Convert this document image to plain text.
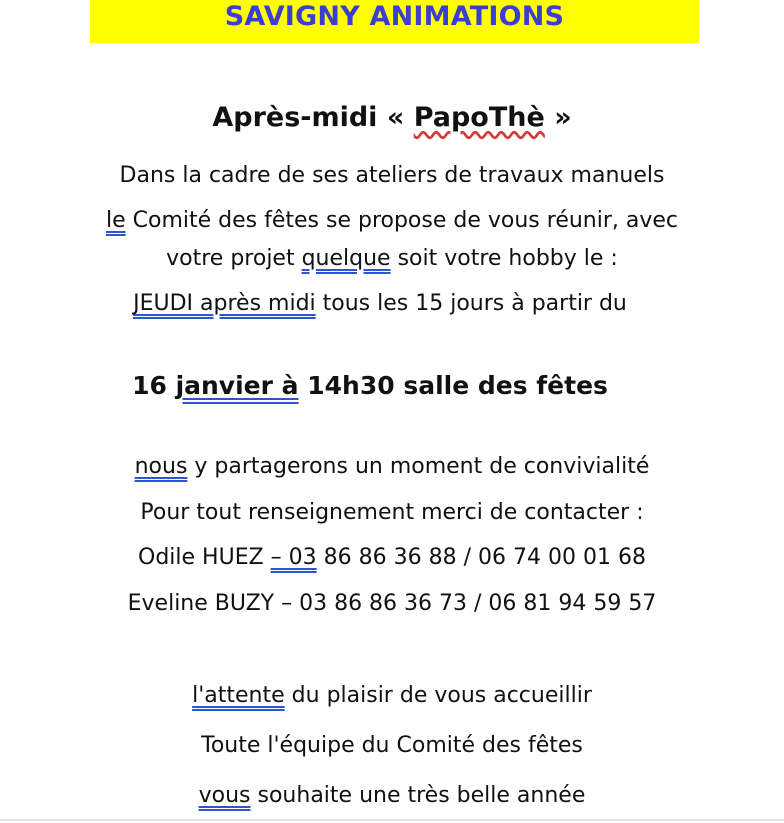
SAVIGNY ANIMATIONS
Après-midi « PapoThè »
Dans la cadre de ses ateliers de travaux manuels
le Comité des fêtes se propose de vous réunir, avec
votre projet quelque soit votre hobby le :
JEUDI après midi tous les 15 jours à partir du
16 janvier à 14h30 salle des fêtes
nous y partagerons un moment de convivialité
Pour tout renseignement merci de contacter :
Odile HUEZ – 03 86 86 36 88 / 06 74 00 01 68
Eveline BUZY – 03 86 86 36 73 / 06 81 94 59 57
l'attente du plaisir de vous accueillir
Toute l'équipe du Comité des fêtes
vous souhaite une très belle année
